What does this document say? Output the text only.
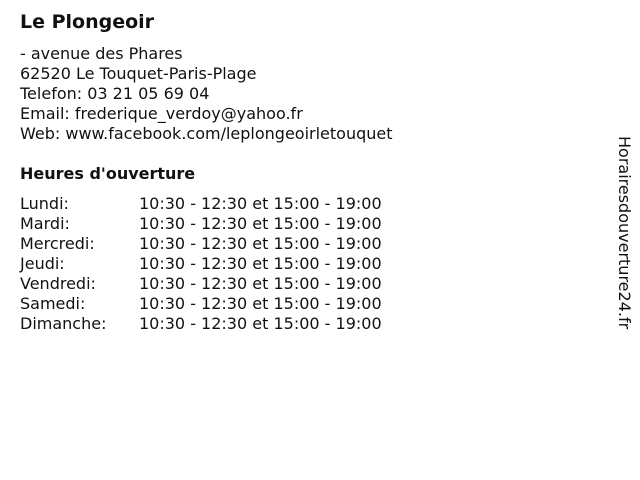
Le Plongeoir
- avenue des Phares
62520 Le Touquet-Paris-Plage
Telefon: 03 21 05 69 04
Email: frederique_verdoy@yahoo.fr
Web: www.facebook.com/leplongeoirletouquet
Heures d'ouverture
Lundi:	10:30 - 12:30 et 15:00 - 19:00
Mardi:	10:30 - 12:30 et 15:00 - 19:00
Mercredi:	10:30 - 12:30 et 15:00 - 19:00
Jeudi:	10:30 - 12:30 et 15:00 - 19:00
Vendredi:	10:30 - 12:30 et 15:00 - 19:00
Samedi:	10:30 - 12:30 et 15:00 - 19:00
Dimanche:	10:30 - 12:30 et 15:00 - 19:00	Horairesdouverture24.fr
